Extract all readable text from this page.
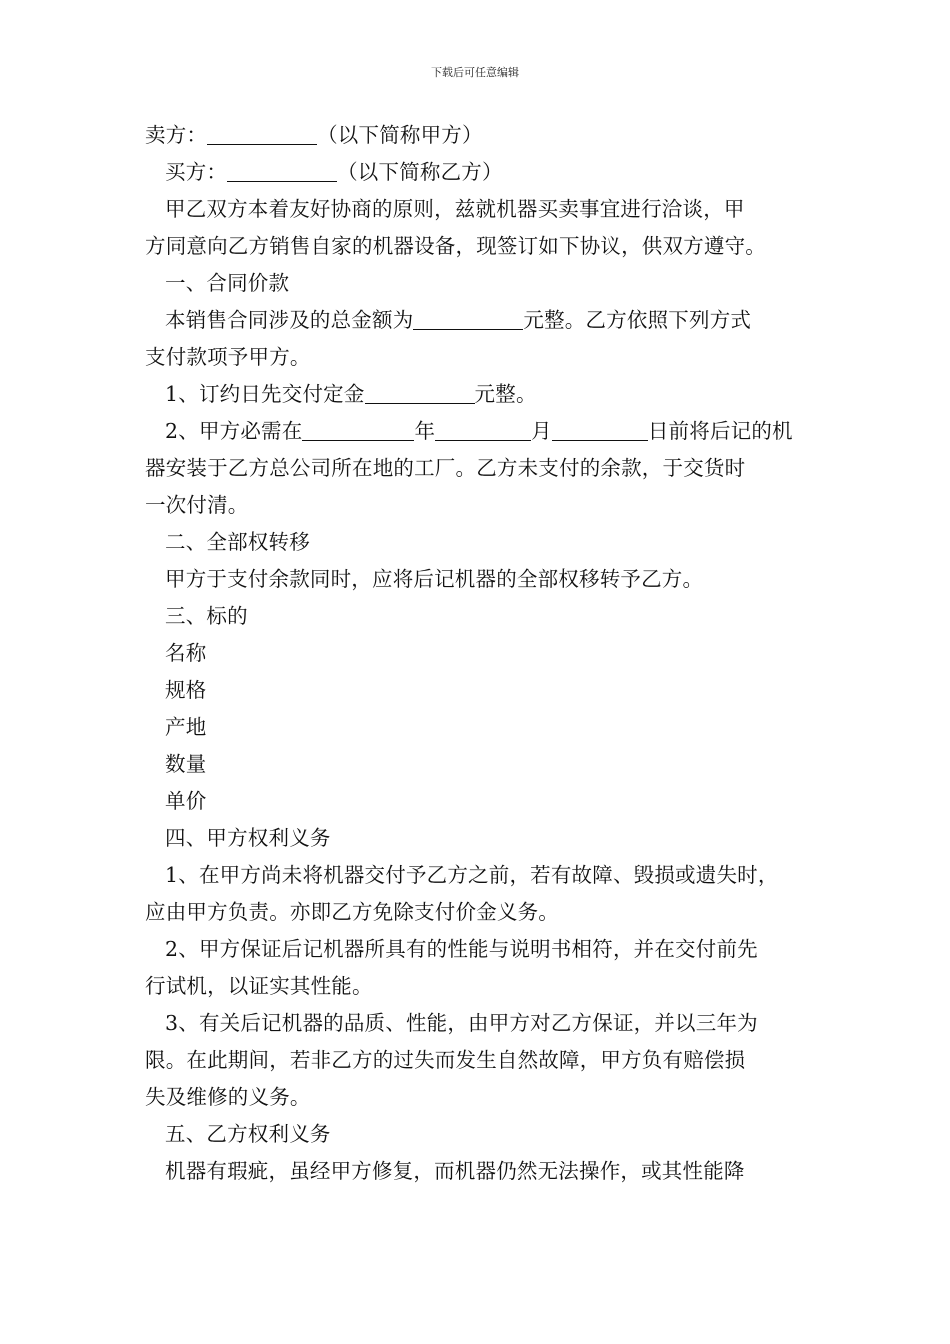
下载后可任意编辑
卖方：	（以下简称甲方）
买方：	（以下简称乙方）
甲乙双方本着友好协商的原则，兹就机器买卖事宜进行洽谈，甲
方同意向乙方销售自家的机器设备，现签订如下协议，供双方遵守。
一、合同价款
本销售合同涉及的总金额为	元整。乙方依照下列方式
支付款项予甲方。
1、订约日先交付定金	元整。
2、甲方必需在	年	月	日前将后记的机
器安装于乙方总公司所在地的工厂。乙方未支付的余款，于交货时
一次付清。
二、全部权转移
甲方于支付余款同时，应将后记机器的全部权移转予乙方。
三、标的
名称
规格
产地
数量
单价
四、甲方权利义务
1、在甲方尚未将机器交付予乙方之前，若有故障、毁损或遗失时，
应由甲方负责。亦即乙方免除支付价金义务。
2、甲方保证后记机器所具有的性能与说明书相符，并在交付前先
行试机，以证实其性能。
3、有关后记机器的品质、性能，由甲方对乙方保证，并以三年为
限。在此期间，若非乙方的过失而发生自然故障，甲方负有赔偿损
失及维修的义务。
五、乙方权利义务
机器有瑕疵，虽经甲方修复，而机器仍然无法操作，或其性能降
